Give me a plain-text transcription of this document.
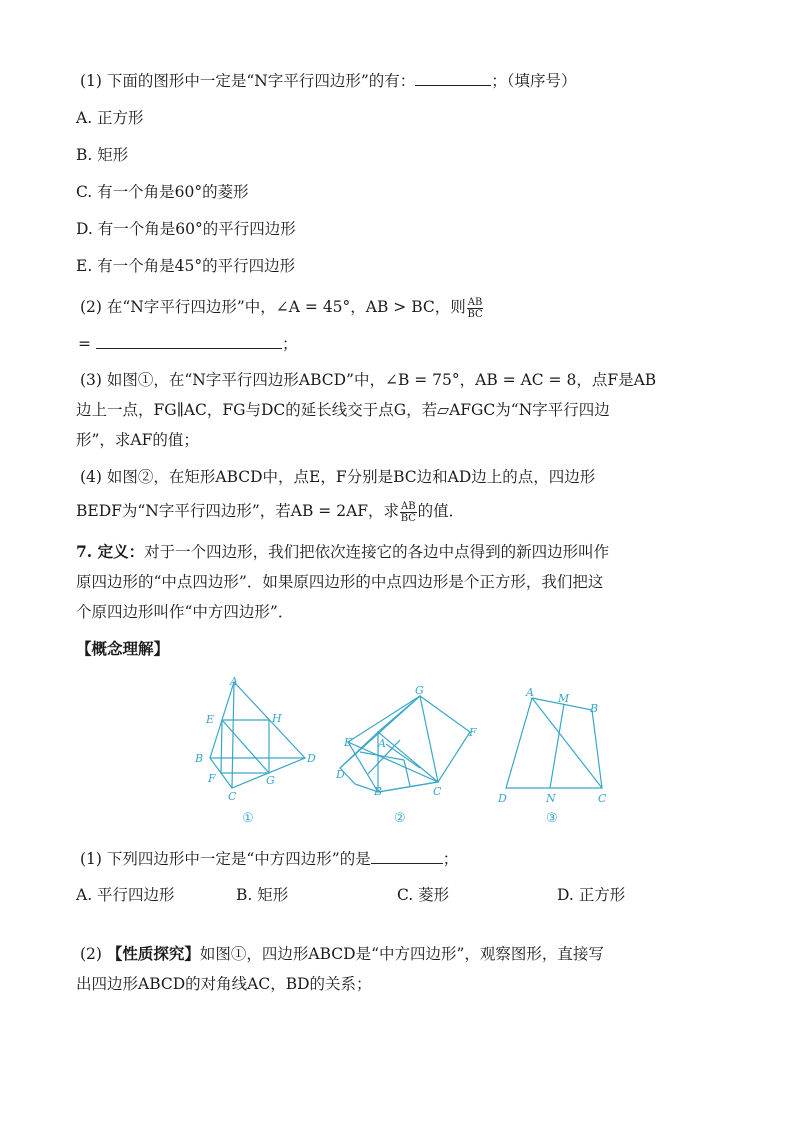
(1) 下面的图形中一定是“N字平行四边形”的有：	；（填序号）
A. 正方形
B. 矩形
C. 有一个角是60°的菱形
D. 有一个角是60°的平行四边形
E. 有一个角是45°的平行四边形
(2) 在“N字平行四边形”中，∠A = 45°，AB > BC，则 $\frac{AB}{BC}$
=	；
(3) 如图①，在“N字平行四边形ABCD”中，∠B = 75°，AB = AC = 8，点F是AB
边上一点，FG∥AC，FG与DC的延长线交于点G，若▱AFGC为“N字平行四边
形”，求AF的值；
(4) 如图②，在矩形ABCD中，点E，F分别是BC边和AD边上的点，四边形
BEDF为“N字平行四边形”，若AB = 2AF，求 $\frac{AB}{BC}$ 的值．
7. 定义：对于一个四边形，我们把依次连接它的各边中点得到的新四边形叫作
原四边形的“中点四边形”．如果原四边形的中点四边形是个正方形，我们把这
个原四边形叫作“中方四边形”．
【概念理解】
A
E	H
B	D
F	G
C
①
G
E A
F
D
B	C
②
A M
B
D	N	C
③
(1) 下列四边形中一定是“中方四边形”的是	；
A. 平行四边形	B. 矩形	C. 菱形	D. 正方形
(2) 【性质探究】如图①，四边形ABCD是“中方四边形”，观察图形，直接写
出四边形ABCD的对角线AC，BD的关系；
